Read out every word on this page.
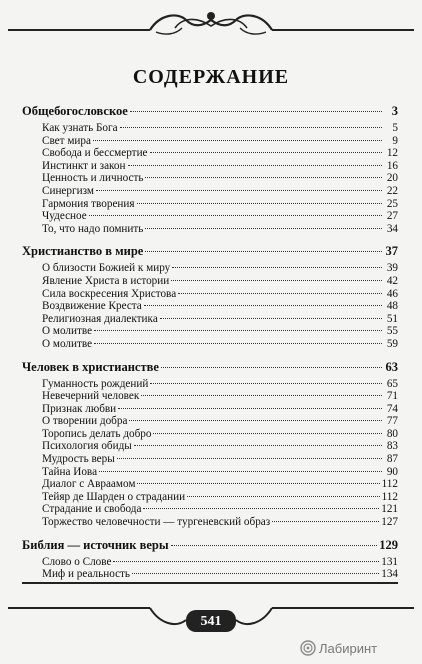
СОДЕРЖАНИЕ
Общебогословское	3
Как узнать Бога	5
Свет мира	9
Свобода и бессмертие	12
Инстинкт и закон	16
Ценность и личность	20
Синергизм	22
Гармония творения	25
Чудесное	27
То, что надо помнить	34
Христианство в мире	37
О близости Божией к миру	39
Явление Христа в истории	42
Сила воскресения Христова	46
Воздвижение Креста	48
Религиозная диалектика	51
О молитве	55
О молитве	59
Человек в христианстве	63
Гуманность рождений	65
Невечерний человек	71
Признак любви	74
О творении добра	77
Торопись делать добро	80
Психология обиды	83
Мудрость веры	87
Тайна Иова	90
Диалог с Авраамом	112
Тейяр де Шарден о страдании	112
Страдание и свобода	121
Торжество человечности — тургеневский образ	127
Библия — источник веры	129
Слово о Слове	131
Миф и реальность	134
541
Лабиринт
